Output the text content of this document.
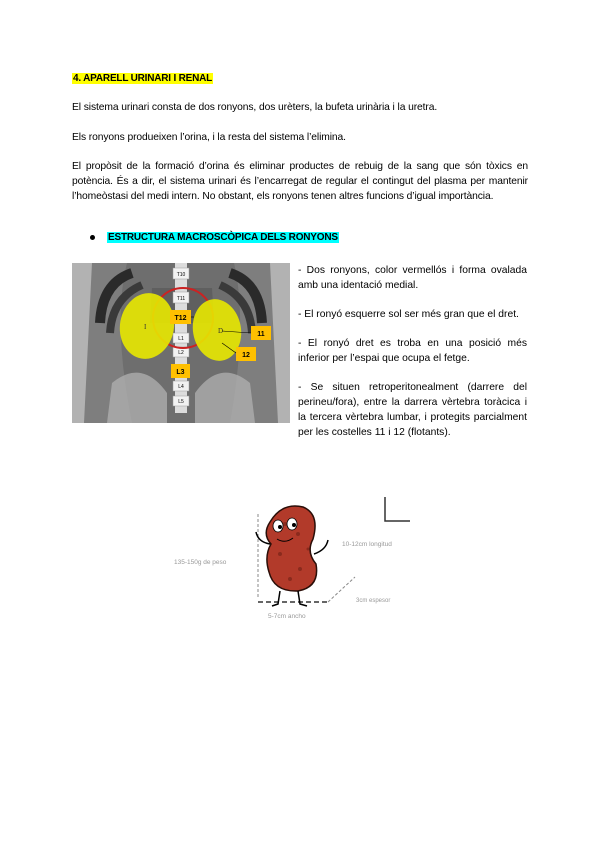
4. APARELL URINARI I RENAL

El sistema urinari consta de dos ronyons, dos urèters, la bufeta urinària i la uretra.

Els ronyons produeixen l’orina, i la resta del sistema l’elimina.

El propòsit de la formació d’orina és eliminar productes de rebuig de la sang que són tòxics en potència. És a dir, el sistema urinari és l’encarregat de regular el contingut del plasma per mantenir l’homeòstasi del medi intern. No obstant, els ronyons tenen altres funcions d’igual importància.

ESTRUCTURA MACROSCÒPICA DELS RONYONS
I	D
T10
T11
L1
L2
L4
L5
T12
L3
11
12
- Dos ronyons, color vermellós i forma ovalada amb una identació medial.
- El ronyó esquerre sol ser més gran que el dret.
- El ronyó dret es troba en una posició més inferior per l’espai que ocupa el fetge.
- Se situen retroperitonealment (darrere del perineu/fora), entre la darrera vèrtebra toràcica i la tercera vèrtebra lumbar, i protegits parcialment per les costelles 11 i 12 (flotants).
135-150g de peso
10-12cm longitud
3cm espesor
5-7cm ancho
